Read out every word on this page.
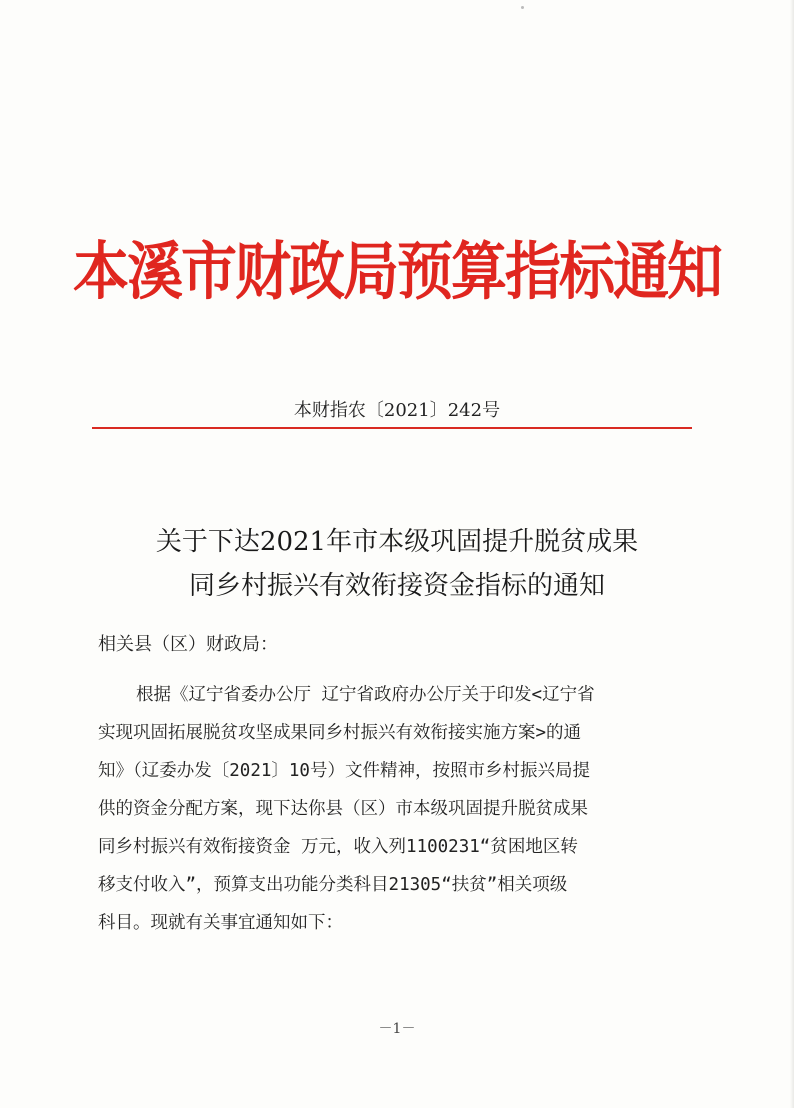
本溪市财政局预算指标通知
本财指农〔2021〕242号
关于下达2021年市本级巩固提升脱贫成果
同乡村振兴有效衔接资金指标的通知
相关县（区）财政局：
根据《辽宁省委办公厅 辽宁省政府办公厅关于印发<辽宁省
实现巩固拓展脱贫攻坚成果同乡村振兴有效衔接实施方案>的通
知》（辽委办发〔2021〕10号）文件精神，按照市乡村振兴局提
供的资金分配方案，现下达你县（区）市本级巩固提升脱贫成果
同乡村振兴有效衔接资金 万元，收入列1100231“贫困地区转
移支付收入”，预算支出功能分类科目21305“扶贫”相关项级
科目。现就有关事宜通知如下：
－1－
